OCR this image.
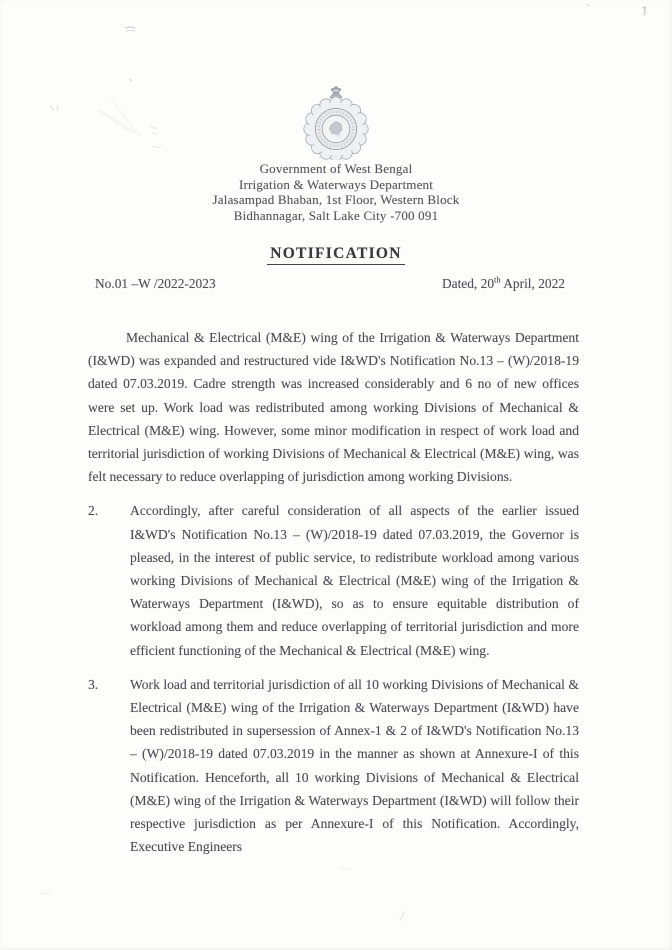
Government of West Bengal
Irrigation & Waterways Department
Jalasampad Bhaban, 1st Floor, Western Block
Bidhannagar, Salt Lake City -700 091
NOTIFICATION
No.01 –W /2022-2023	Dated, 20th April, 2022

Mechanical & Electrical (M&E) wing of the Irrigation & Waterways Department (I&WD) was expanded and restructured vide I&WD's Notification No.13 – (W)/2018-19 dated 07.03.2019. Cadre strength was increased considerably and 6 no of new offices were set up. Work load was redistributed among working Divisions of Mechanical & Electrical (M&E) wing. However, some minor modification in respect of work load and territorial jurisdiction of working Divisions of Mechanical & Electrical (M&E) wing, was felt necessary to reduce overlapping of jurisdiction among working Divisions.

2.	Accordingly, after careful consideration of all aspects of the earlier issued I&WD's Notification No.13 – (W)/2018-19 dated 07.03.2019, the Governor is pleased, in the interest of public service, to redistribute workload among various working Divisions of Mechanical & Electrical (M&E) wing of the Irrigation & Waterways Department (I&WD), so as to ensure equitable distribution of workload among them and reduce overlapping of territorial jurisdiction and more efficient functioning of the Mechanical & Electrical (M&E) wing.
3.	Work load and territorial jurisdiction of all 10 working Divisions of Mechanical & Electrical (M&E) wing of the Irrigation & Waterways Department (I&WD) have been redistributed in supersession of Annex-1 & 2 of I&WD's Notification No.13 – (W)/2018-19 dated 07.03.2019 in the manner as shown at Annexure-I of this Notification. Henceforth, all 10 working Divisions of Mechanical & Electrical (M&E) wing of the Irrigation & Waterways Department (I&WD) will follow their respective jurisdiction as per Annexure-I of this Notification. Accordingly, Executive Engineers
